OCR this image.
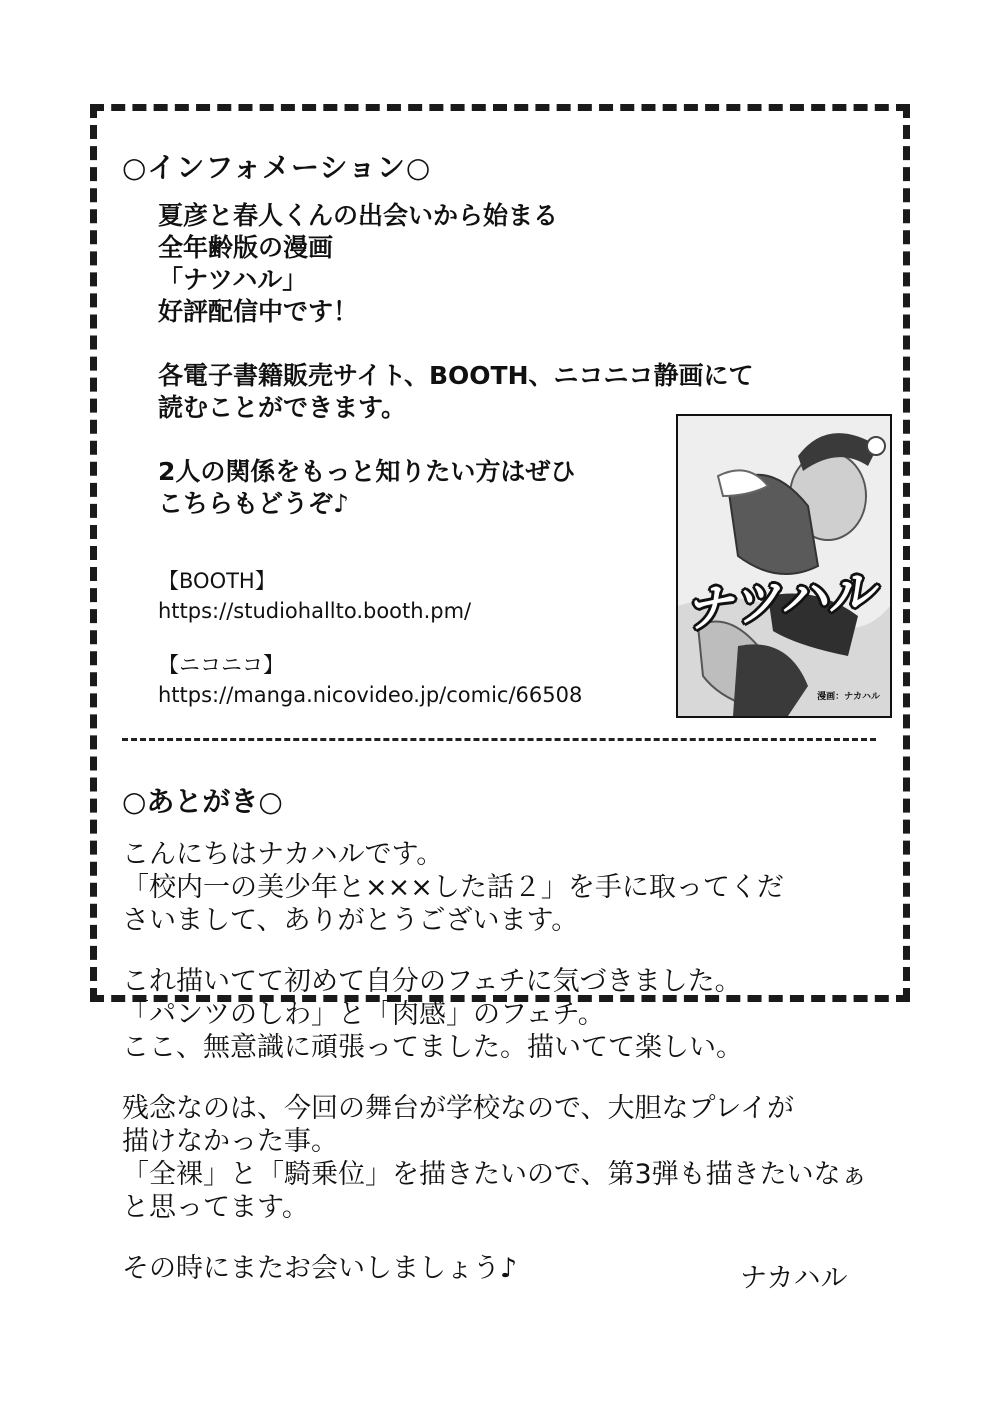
○インフォメーション○

夏彦と春人くんの出会いから始まる

全年齢版の漫画

「ナツハル」

好評配信中です！

各電子書籍販売サイト、BOOTH、ニコニコ静画にて

読むことができます。

2人の関係をもっと知りたい方はぜひ

こちらもどうぞ♪

【BOOTH】

https://studiohallto.booth.pm/

【ニコニコ】

https://manga.nicovideo.jp/comic/66508

ナツハル
漫画：ナカハル
○あとがき○

こんにちはナカハルです。

「校内一の美少年と×××した話２」を手に取ってくだ

さいまして、ありがとうございます。

これ描いてて初めて自分のフェチに気づきました。

「パンツのしわ」と「肉感」のフェチ。

ここ、無意識に頑張ってました。描いてて楽しい。

残念なのは、今回の舞台が学校なので、大胆なプレイが

描けなかった事。

「全裸」と「騎乗位」を描きたいので、第3弾も描きたいなぁ

と思ってます。

その時にまたお会いしましょう♪	ナカハル
